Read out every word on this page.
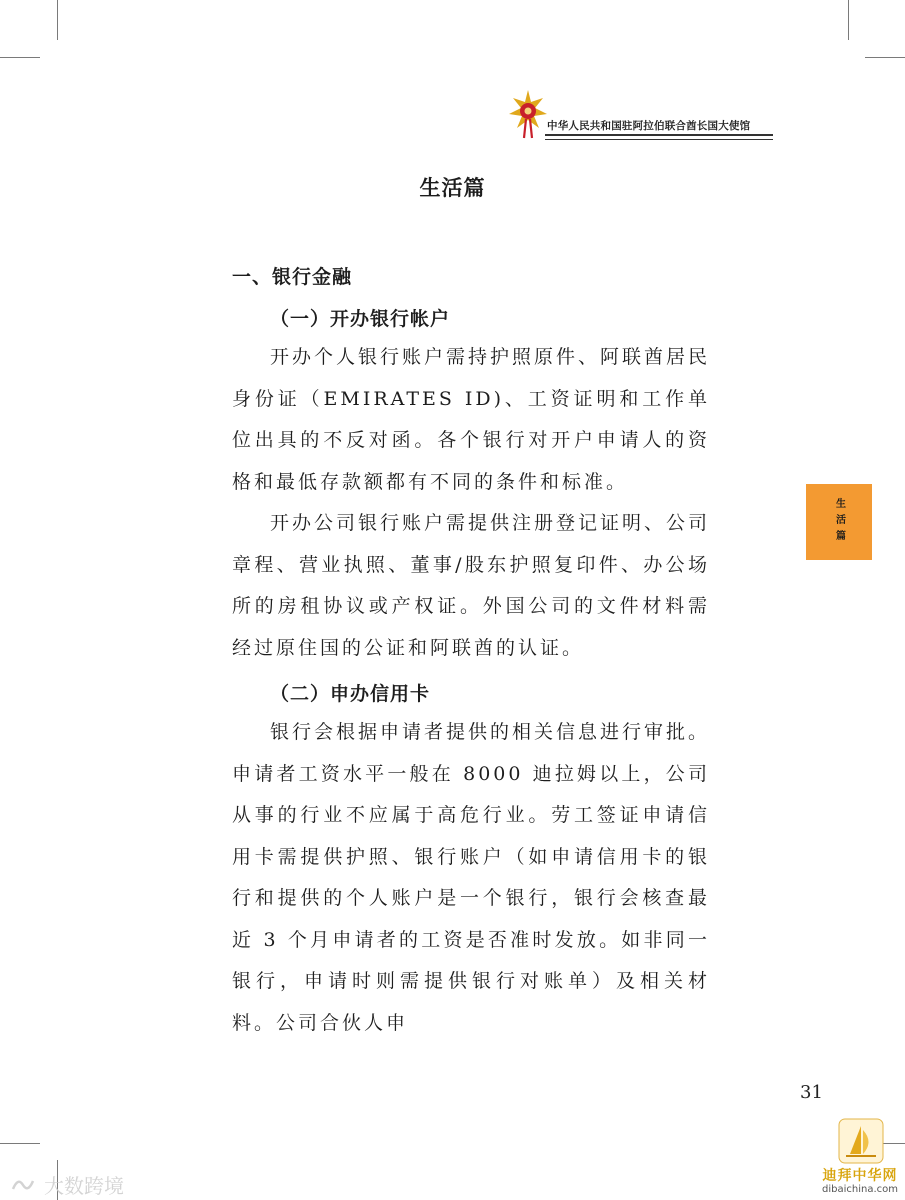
中华人民共和国驻阿拉伯联合酋长国大使馆
生活篇
一、银行金融
（一）开办银行帐户
开办个人银行账户需持护照原件、阿联酋居民身份证（EMIRATES ID)、工资证明和工作单位出具的不反对函。各个银行对开户申请人的资格和最低存款额都有不同的条件和标准。
开办公司银行账户需提供注册登记证明、公司章程、营业执照、董事/股东护照复印件、办公场所的房租协议或产权证。外国公司的文件材料需经过原住国的公证和阿联酋的认证。
（二）申办信用卡
银行会根据申请者提供的相关信息进行审批。申请者工资水平一般在 8000 迪拉姆以上，公司从事的行业不应属于高危行业。劳工签证申请信用卡需提供护照、银行账户（如申请信用卡的银行和提供的个人账户是一个银行，银行会核查最近 3 个月申请者的工资是否准时发放。如非同一银行，申请时则需提供银行对账单）及相关材料。公司合伙人申
生活篇
31
大数跨境	迪拜中华网
dibaichina.com
